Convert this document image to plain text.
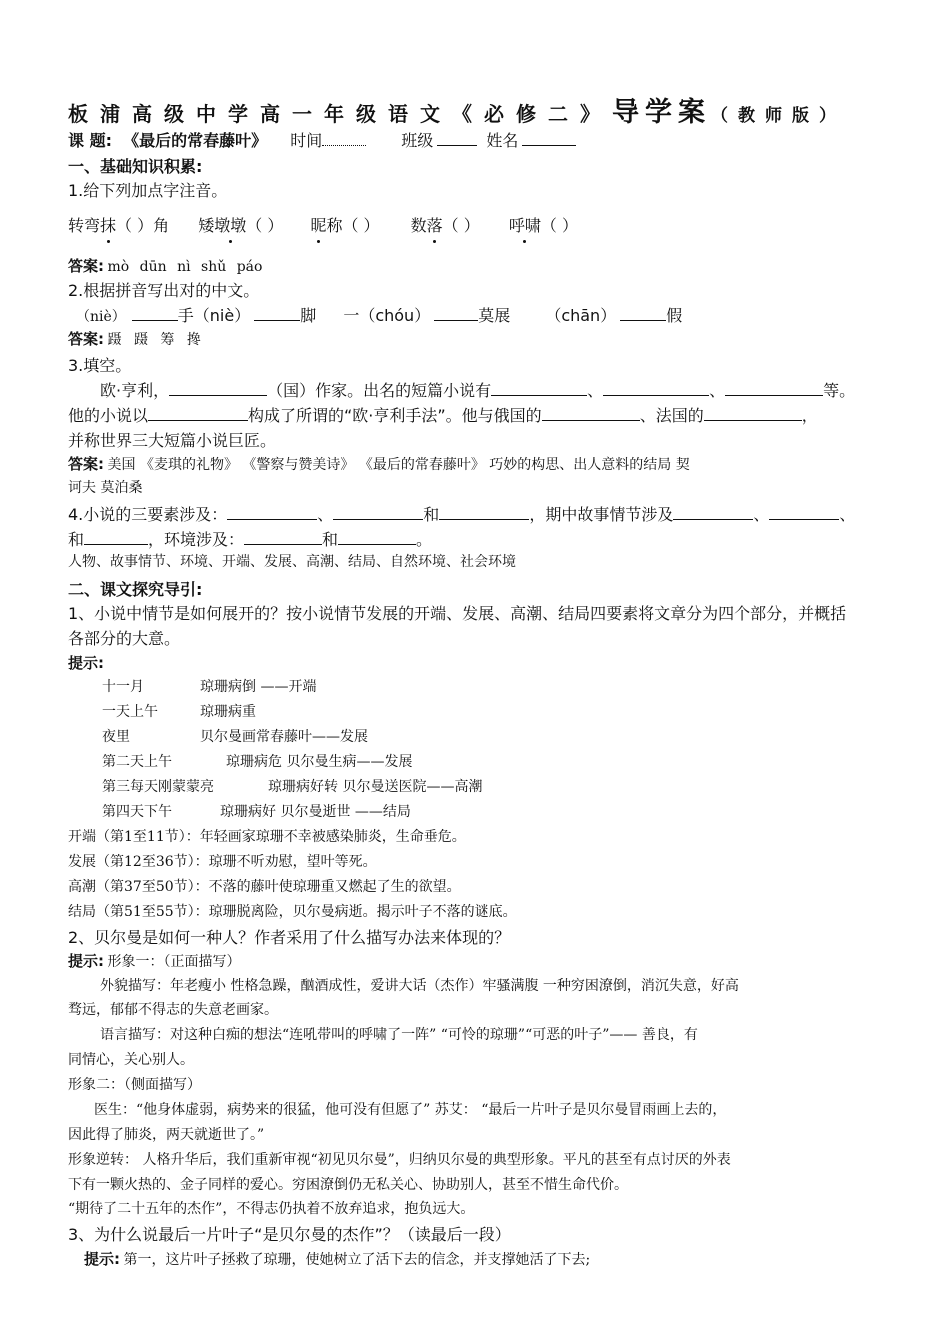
板浦高级中学高一年级语文《必修二》导学案（教师版）
课 题: 《最后的常春藤叶》 时间	班级	姓名
一、基础知识积累:
1.给下列加点字注音。
转弯抹（ ）角 矮墩墩（ ） 昵称（ ） 数落（ ） 呼啸（ ）
答案: mò dūn nì shǔ páo
2.根据拼音写出对的中文。
（niè）	手（niè）	脚 一（chóu）	莫展 （chān）	假
答案: 蹑 蹑 筹 搀
3.填空。
欧·亨利，	（国）作家。出名的短篇小说有	、	、	等。
他的小说以	构成了所谓的“欧·亨利手法”。他与俄国的	、法国的	，
并称世界三大短篇小说巨匠。
答案: 美国 《麦琪的礼物》 《警察与赞美诗》 《最后的常春藤叶》 巧妙的构思、出人意料的结局 契
诃夫 莫泊桑
4.小说的三要素涉及：	、	和	，期中故事情节涉及	、	、
和	，环境涉及：	和	。
人物、故事情节、环境、开端、发展、高潮、结局、自然环境、社会环境
二、课文探究导引:
1、小说中情节是如何展开的？按小说情节发展的开端、发展、高潮、结局四要素将文章分为四个部分，并概括
各部分的大意。
提示:
十一月	琼珊病倒 ——开端
一天上午	琼珊病重
夜里	贝尔曼画常春藤叶——发展
第二天上午	琼珊病危 贝尔曼生病——发展
第三每天刚蒙蒙亮	琼珊病好转 贝尔曼送医院——高潮
第四天下午	琼珊病好 贝尔曼逝世 ——结局
开端（第1至11节）：年轻画家琼珊不幸被感染肺炎，生命垂危。
发展（第12至36节）：琼珊不听劝慰，望叶等死。
高潮（第37至50节）：不落的藤叶使琼珊重又燃起了生的欲望。
结局（第51至55节）：琼珊脱离险，贝尔曼病逝。揭示叶子不落的谜底。
2、贝尔曼是如何一种人？作者采用了什么描写办法来体现的？
提示: 形象一：（正面描写）
外貌描写：年老瘦小 性格急躁，酗酒成性，爱讲大话（杰作）牢骚满腹 一种穷困潦倒，消沉失意，好高
骛远，郁郁不得志的失意老画家。
语言描写：对这种白痴的想法“连吼带叫的呼啸了一阵” “可怜的琼珊”“可恶的叶子”—— 善良，有
同情心，关心别人。
形象二：（侧面描写）
医生：“他身体虚弱，病势来的很猛，他可没有但愿了” 苏艾： “最后一片叶子是贝尔曼冒雨画上去的，
因此得了肺炎，两天就逝世了。”
形象逆转： 人格升华后，我们重新审视“初见贝尔曼”，归纳贝尔曼的典型形象。平凡的甚至有点讨厌的外表
下有一颗火热的、金子同样的爱心。穷困潦倒仍无私关心、协助别人，甚至不惜生命代价。
“期待了二十五年的杰作”，不得志仍执着不放弃追求，抱负远大。
3、为什么说最后一片叶子“是贝尔曼的杰作”？（读最后一段）
提示: 第一，这片叶子拯救了琼珊，使她树立了活下去的信念，并支撑她活了下去;
